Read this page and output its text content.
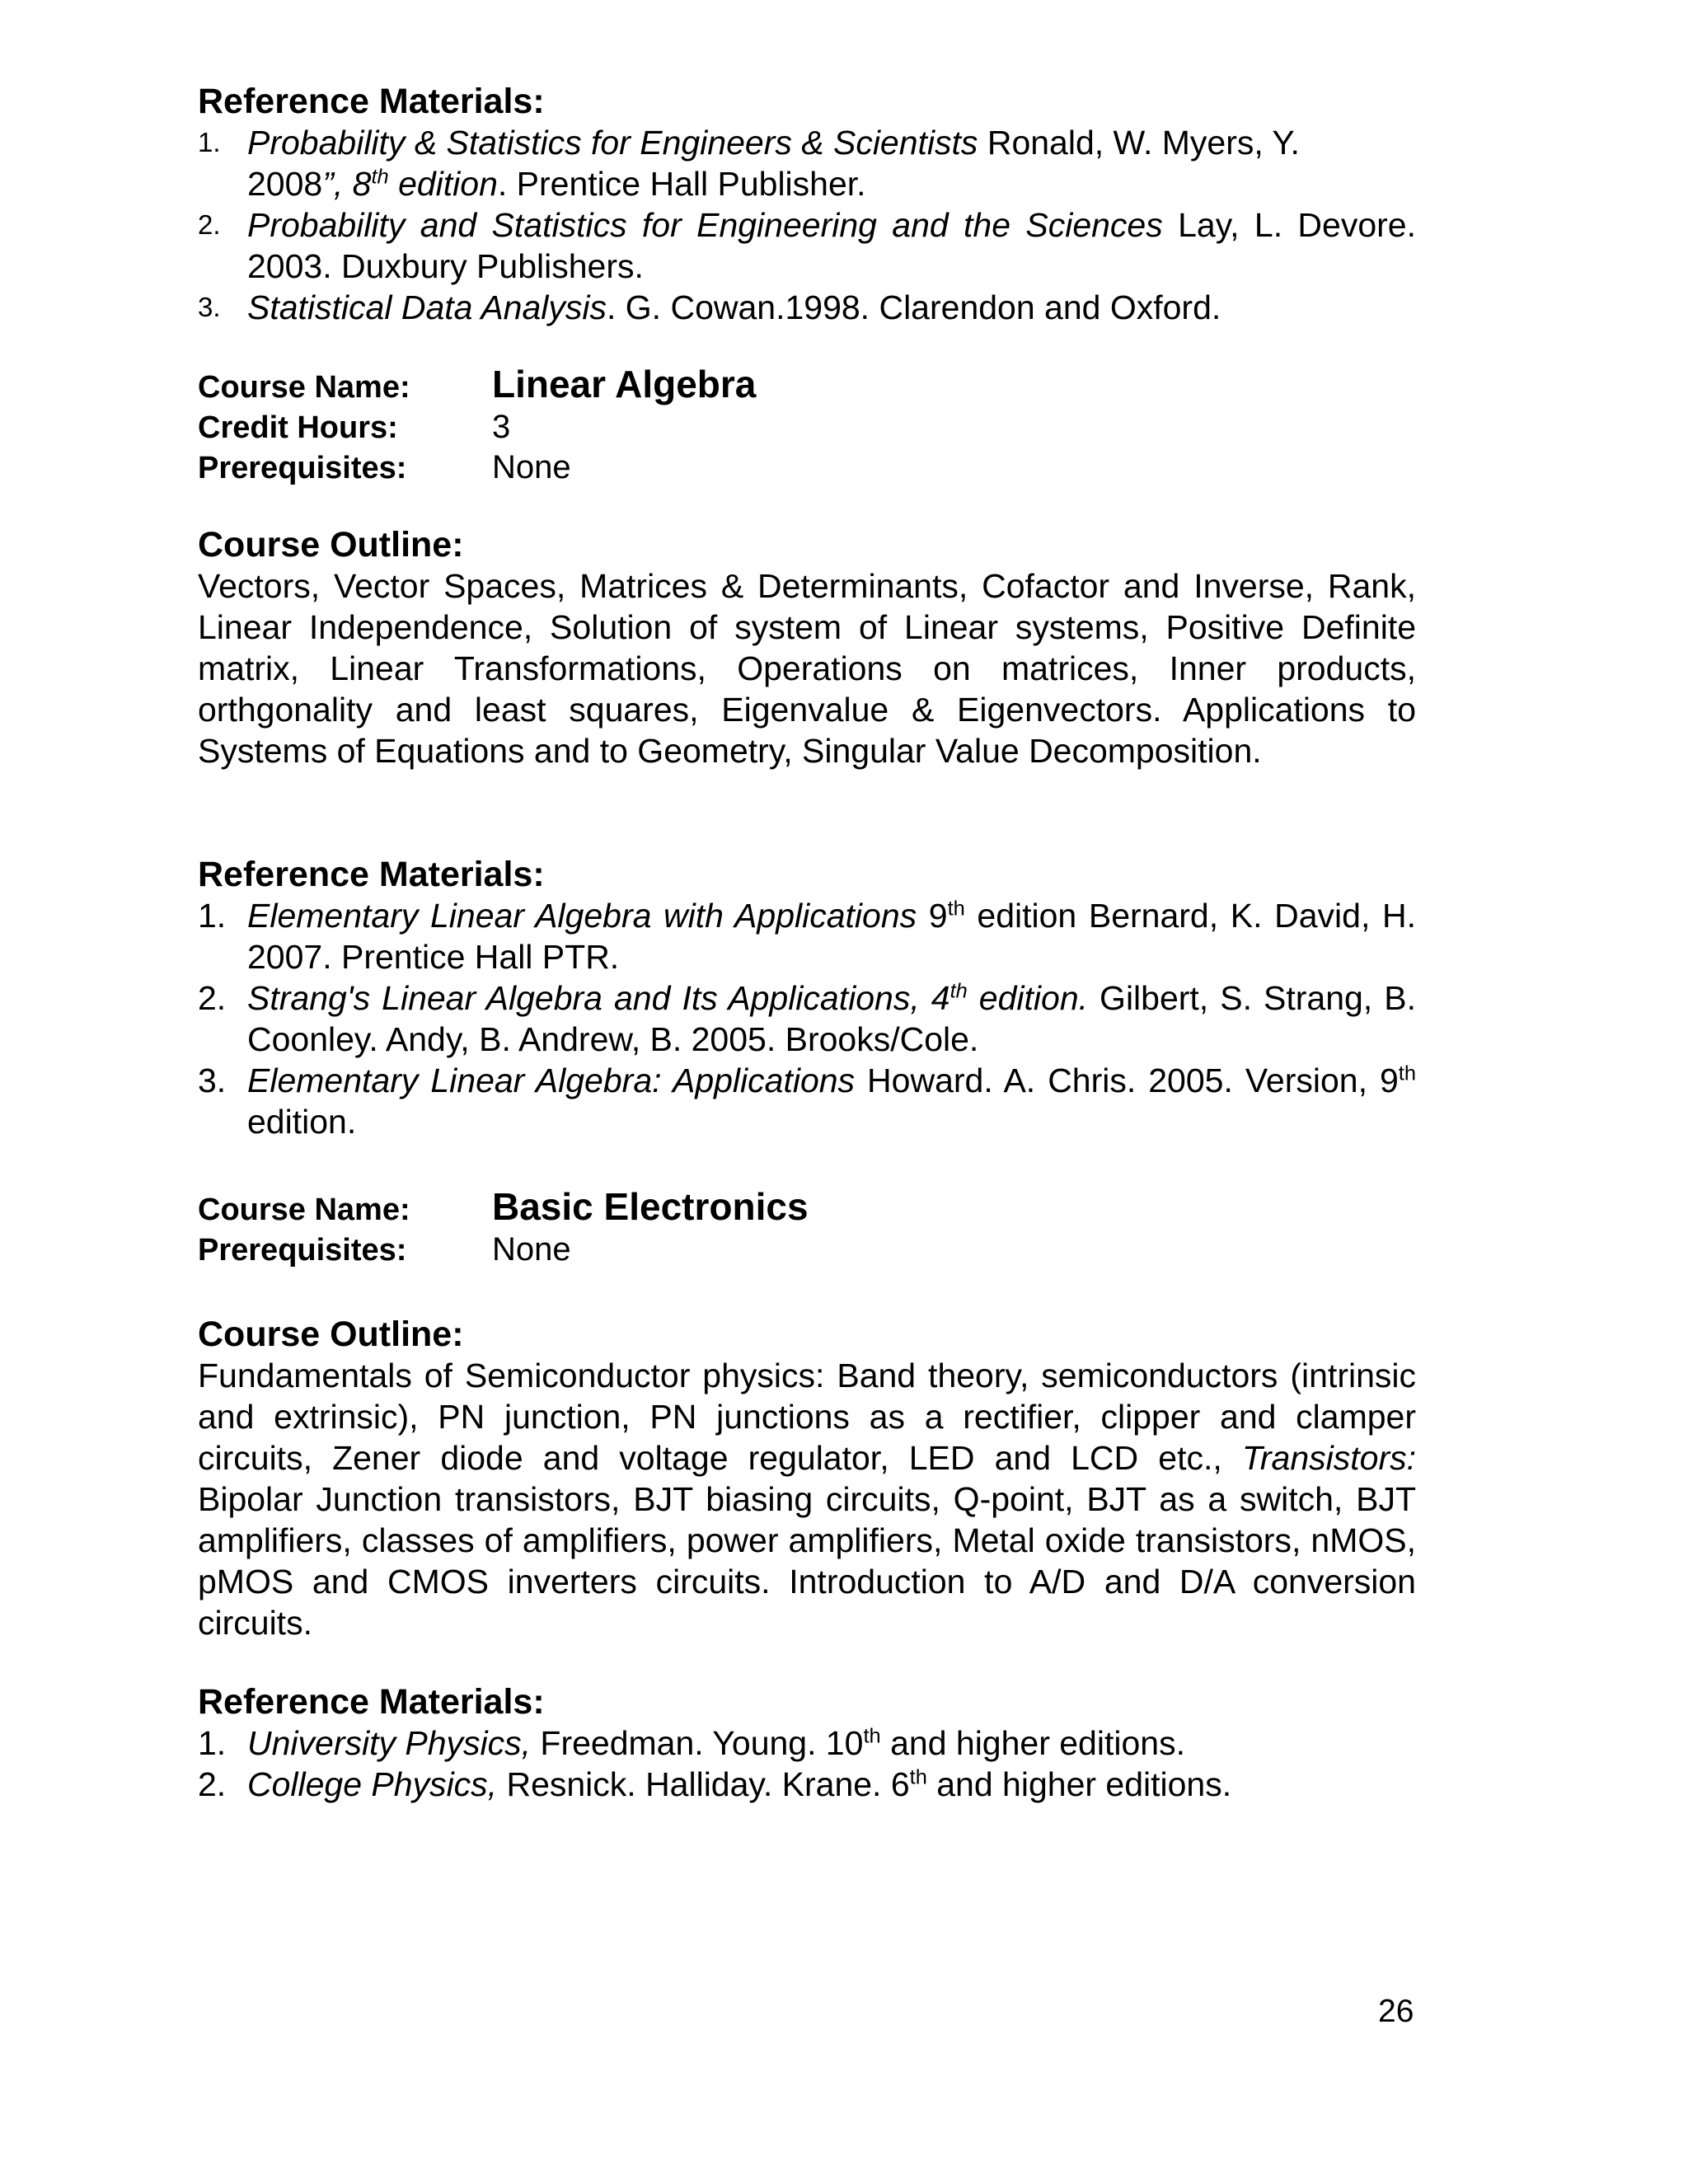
Reference Materials:
1. Probability & Statistics for Engineers & Scientists Ronald, W. Myers, Y.
2008”, 8th edition. Prentice Hall Publisher.
2. Probability and Statistics for Engineering and the Sciences Lay, L. Devore. 2003. Duxbury Publishers.
3. Statistical Data Analysis. G. Cowan.1998. Clarendon and Oxford.
Course Name:	Linear Algebra
Credit Hours:	3
Prerequisites:	None
Course Outline:

Vectors, Vector Spaces, Matrices & Determinants, Cofactor and Inverse, Rank, Linear Independence, Solution of system of Linear systems, Positive Definite matrix, Linear Transformations, Operations on matrices, Inner products, orthgonality and least squares, Eigenvalue & Eigenvectors. Applications to Systems of Equations and to Geometry, Singular Value Decomposition.

Reference Materials:
1. Elementary Linear Algebra with Applications 9th edition Bernard, K. David, H. 2007. Prentice Hall PTR.
2. Strang's Linear Algebra and Its Applications, 4th edition. Gilbert, S. Strang, B. Coonley. Andy, B. Andrew, B. 2005. Brooks/Cole.
3. Elementary Linear Algebra: Applications Howard. A. Chris. 2005. Version, 9th edition.
Course Name:	Basic Electronics
Prerequisites:	None
Course Outline:

Fundamentals of Semiconductor physics: Band theory, semiconductors (intrinsic and extrinsic), PN junction, PN junctions as a rectifier, clipper and clamper circuits, Zener diode and voltage regulator, LED and LCD etc., Transistors: Bipolar Junction transistors, BJT biasing circuits, Q-point, BJT as a switch, BJT amplifiers, classes of amplifiers, power amplifiers, Metal oxide transistors, nMOS, pMOS and CMOS inverters circuits. Introduction to A/D and D/A conversion circuits.

Reference Materials:
1. University Physics, Freedman. Young. 10th and higher editions.
2. College Physics, Resnick. Halliday. Krane. 6th and higher editions.
26
